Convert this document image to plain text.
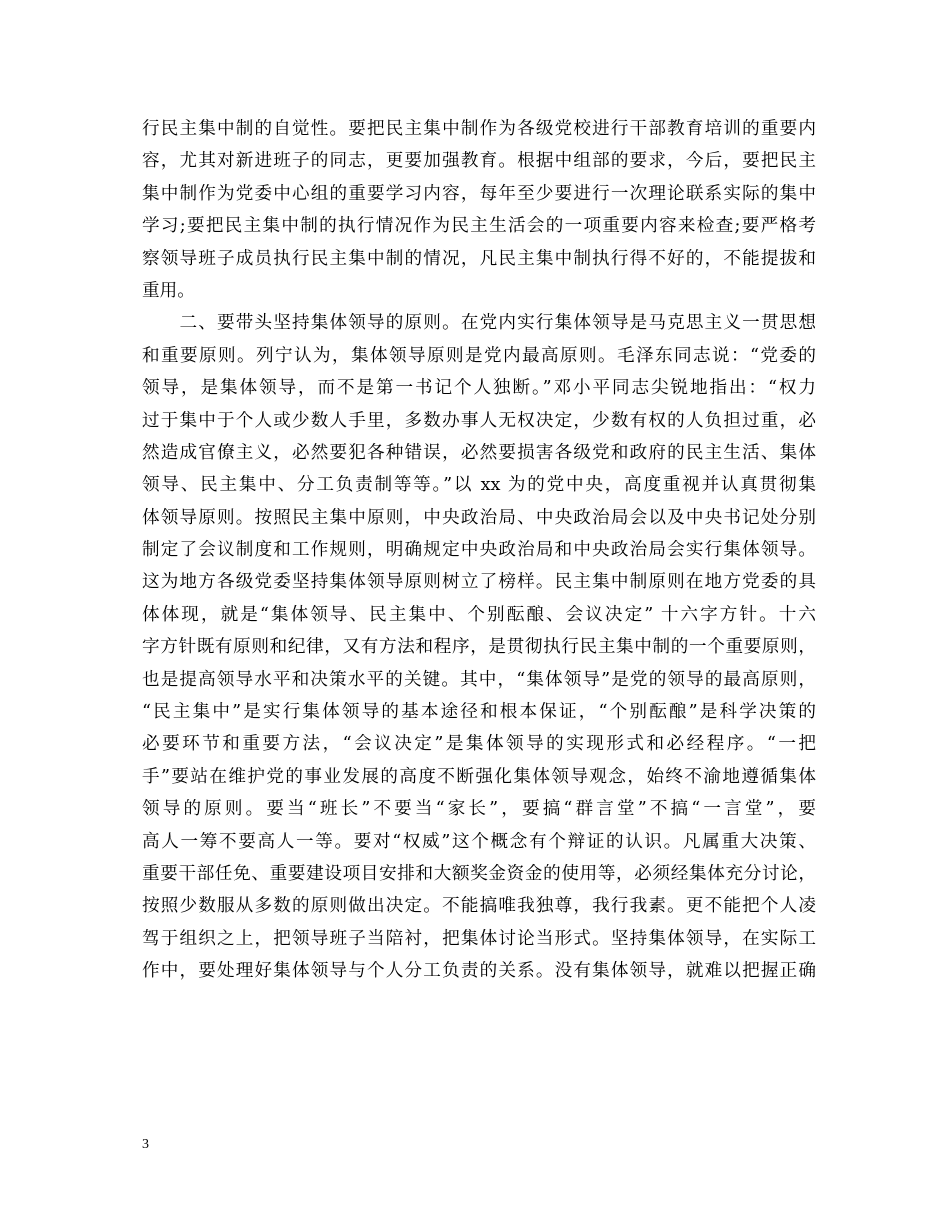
行民主集中制的自觉性。要把民主集中制作为各级党校进行干部教育培训的重要内
容，尤其对新进班子的同志，更要加强教育。根据中组部的要求，今后，要把民主
集中制作为党委中心组的重要学习内容，每年至少要进行一次理论联系实际的集中
学习;要把民主集中制的执行情况作为民主生活会的一项重要内容来检查;要严格考
察领导班子成员执行民主集中制的情况，凡民主集中制执行得不好的，不能提拔和
重用。
　　二、要带头坚持集体领导的原则。在党内实行集体领导是马克思主义一贯思想
和重要原则。列宁认为，集体领导原则是党内最高原则。毛泽东同志说：“党委的
领导，是集体领导，而不是第一书记个人独断。”邓小平同志尖锐地指出：“权力
过于集中于个人或少数人手里，多数办事人无权决定，少数有权的人负担过重，必
然造成官僚主义，必然要犯各种错误，必然要损害各级党和政府的民主生活、集体
领导、民主集中、分工负责制等等。”以 xx 为的党中央，高度重视并认真贯彻集
体领导原则。按照民主集中原则，中央政治局、中央政治局会以及中央书记处分别
制定了会议制度和工作规则，明确规定中央政治局和中央政治局会实行集体领导。
这为地方各级党委坚持集体领导原则树立了榜样。民主集中制原则在地方党委的具
体体现，就是“集体领导、民主集中、个别酝酿、会议决定” 十六字方针。十六
字方针既有原则和纪律，又有方法和程序，是贯彻执行民主集中制的一个重要原则，
也是提高领导水平和决策水平的关键。其中，“集体领导”是党的领导的最高原则，
“民主集中”是实行集体领导的基本途径和根本保证，“个别酝酿”是科学决策的
必要环节和重要方法，“会议决定”是集体领导的实现形式和必经程序。“一把
手”要站在维护党的事业发展的高度不断强化集体领导观念，始终不渝地遵循集体
领导的原则。要当“班长”不要当“家长”，要搞“群言堂”不搞“一言堂”，要
高人一筹不要高人一等。要对“权威”这个概念有个辩证的认识。凡属重大决策、
重要干部任免、重要建设项目安排和大额奖金资金的使用等，必须经集体充分讨论，
按照少数服从多数的原则做出决定。不能搞唯我独尊，我行我素。更不能把个人凌
驾于组织之上，把领导班子当陪衬，把集体讨论当形式。坚持集体领导，在实际工
作中，要处理好集体领导与个人分工负责的关系。没有集体领导，就难以把握正确
3
